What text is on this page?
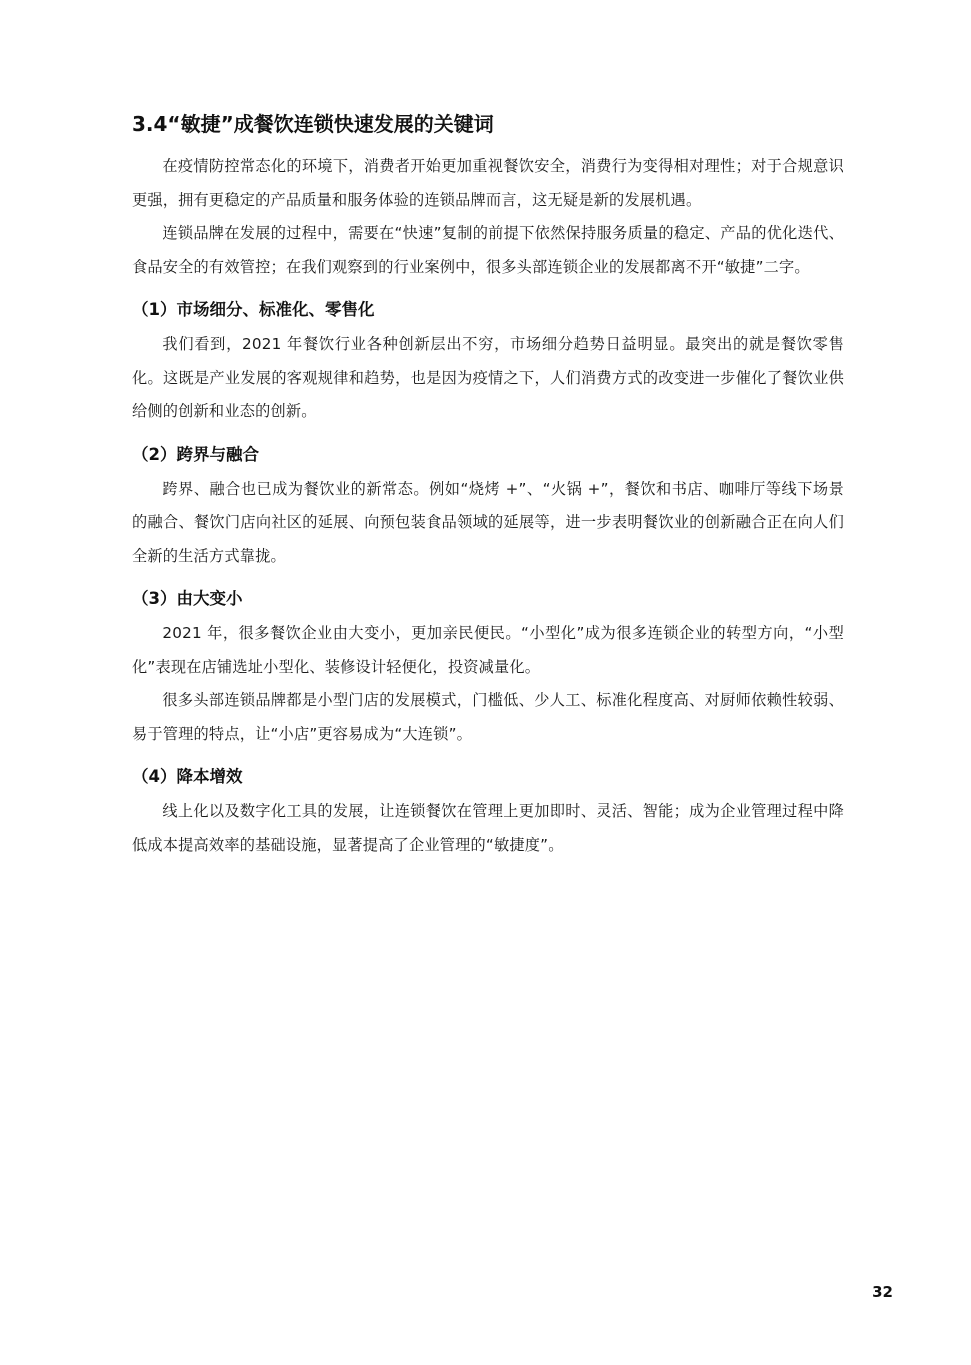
3.4“敏捷”成餐饮连锁快速发展的关键词

在疫情防控常态化的环境下，消费者开始更加重视餐饮安全，消费行为变得相对理性；对于合规意识更强，拥有更稳定的产品质量和服务体验的连锁品牌而言，这无疑是新的发展机遇。

连锁品牌在发展的过程中，需要在“快速”复制的前提下依然保持服务质量的稳定、产品的优化迭代、食品安全的有效管控；在我们观察到的行业案例中，很多头部连锁企业的发展都离不开“敏捷”二字。

（1）市场细分、标准化、零售化

我们看到，2021 年餐饮行业各种创新层出不穷，市场细分趋势日益明显。最突出的就是餐饮零售化。这既是产业发展的客观规律和趋势，也是因为疫情之下，人们消费方式的改变进一步催化了餐饮业供给侧的创新和业态的创新。

（2）跨界与融合

跨界、融合也已成为餐饮业的新常态。例如“烧烤 +”、“火锅 +”，餐饮和书店、咖啡厅等线下场景的融合、餐饮门店向社区的延展、向预包装食品领域的延展等，进一步表明餐饮业的创新融合正在向人们全新的生活方式靠拢。

（3）由大变小

2021 年，很多餐饮企业由大变小，更加亲民便民。“小型化”成为很多连锁企业的转型方向，“小型化”表现在店铺选址小型化、装修设计轻便化，投资减量化。

很多头部连锁品牌都是小型门店的发展模式，门槛低、少人工、标准化程度高、对厨师依赖性较弱、易于管理的特点，让“小店”更容易成为“大连锁”。

（4）降本增效

线上化以及数字化工具的发展，让连锁餐饮在管理上更加即时、灵活、智能；成为企业管理过程中降低成本提高效率的基础设施，显著提高了企业管理的“敏捷度”。

32
